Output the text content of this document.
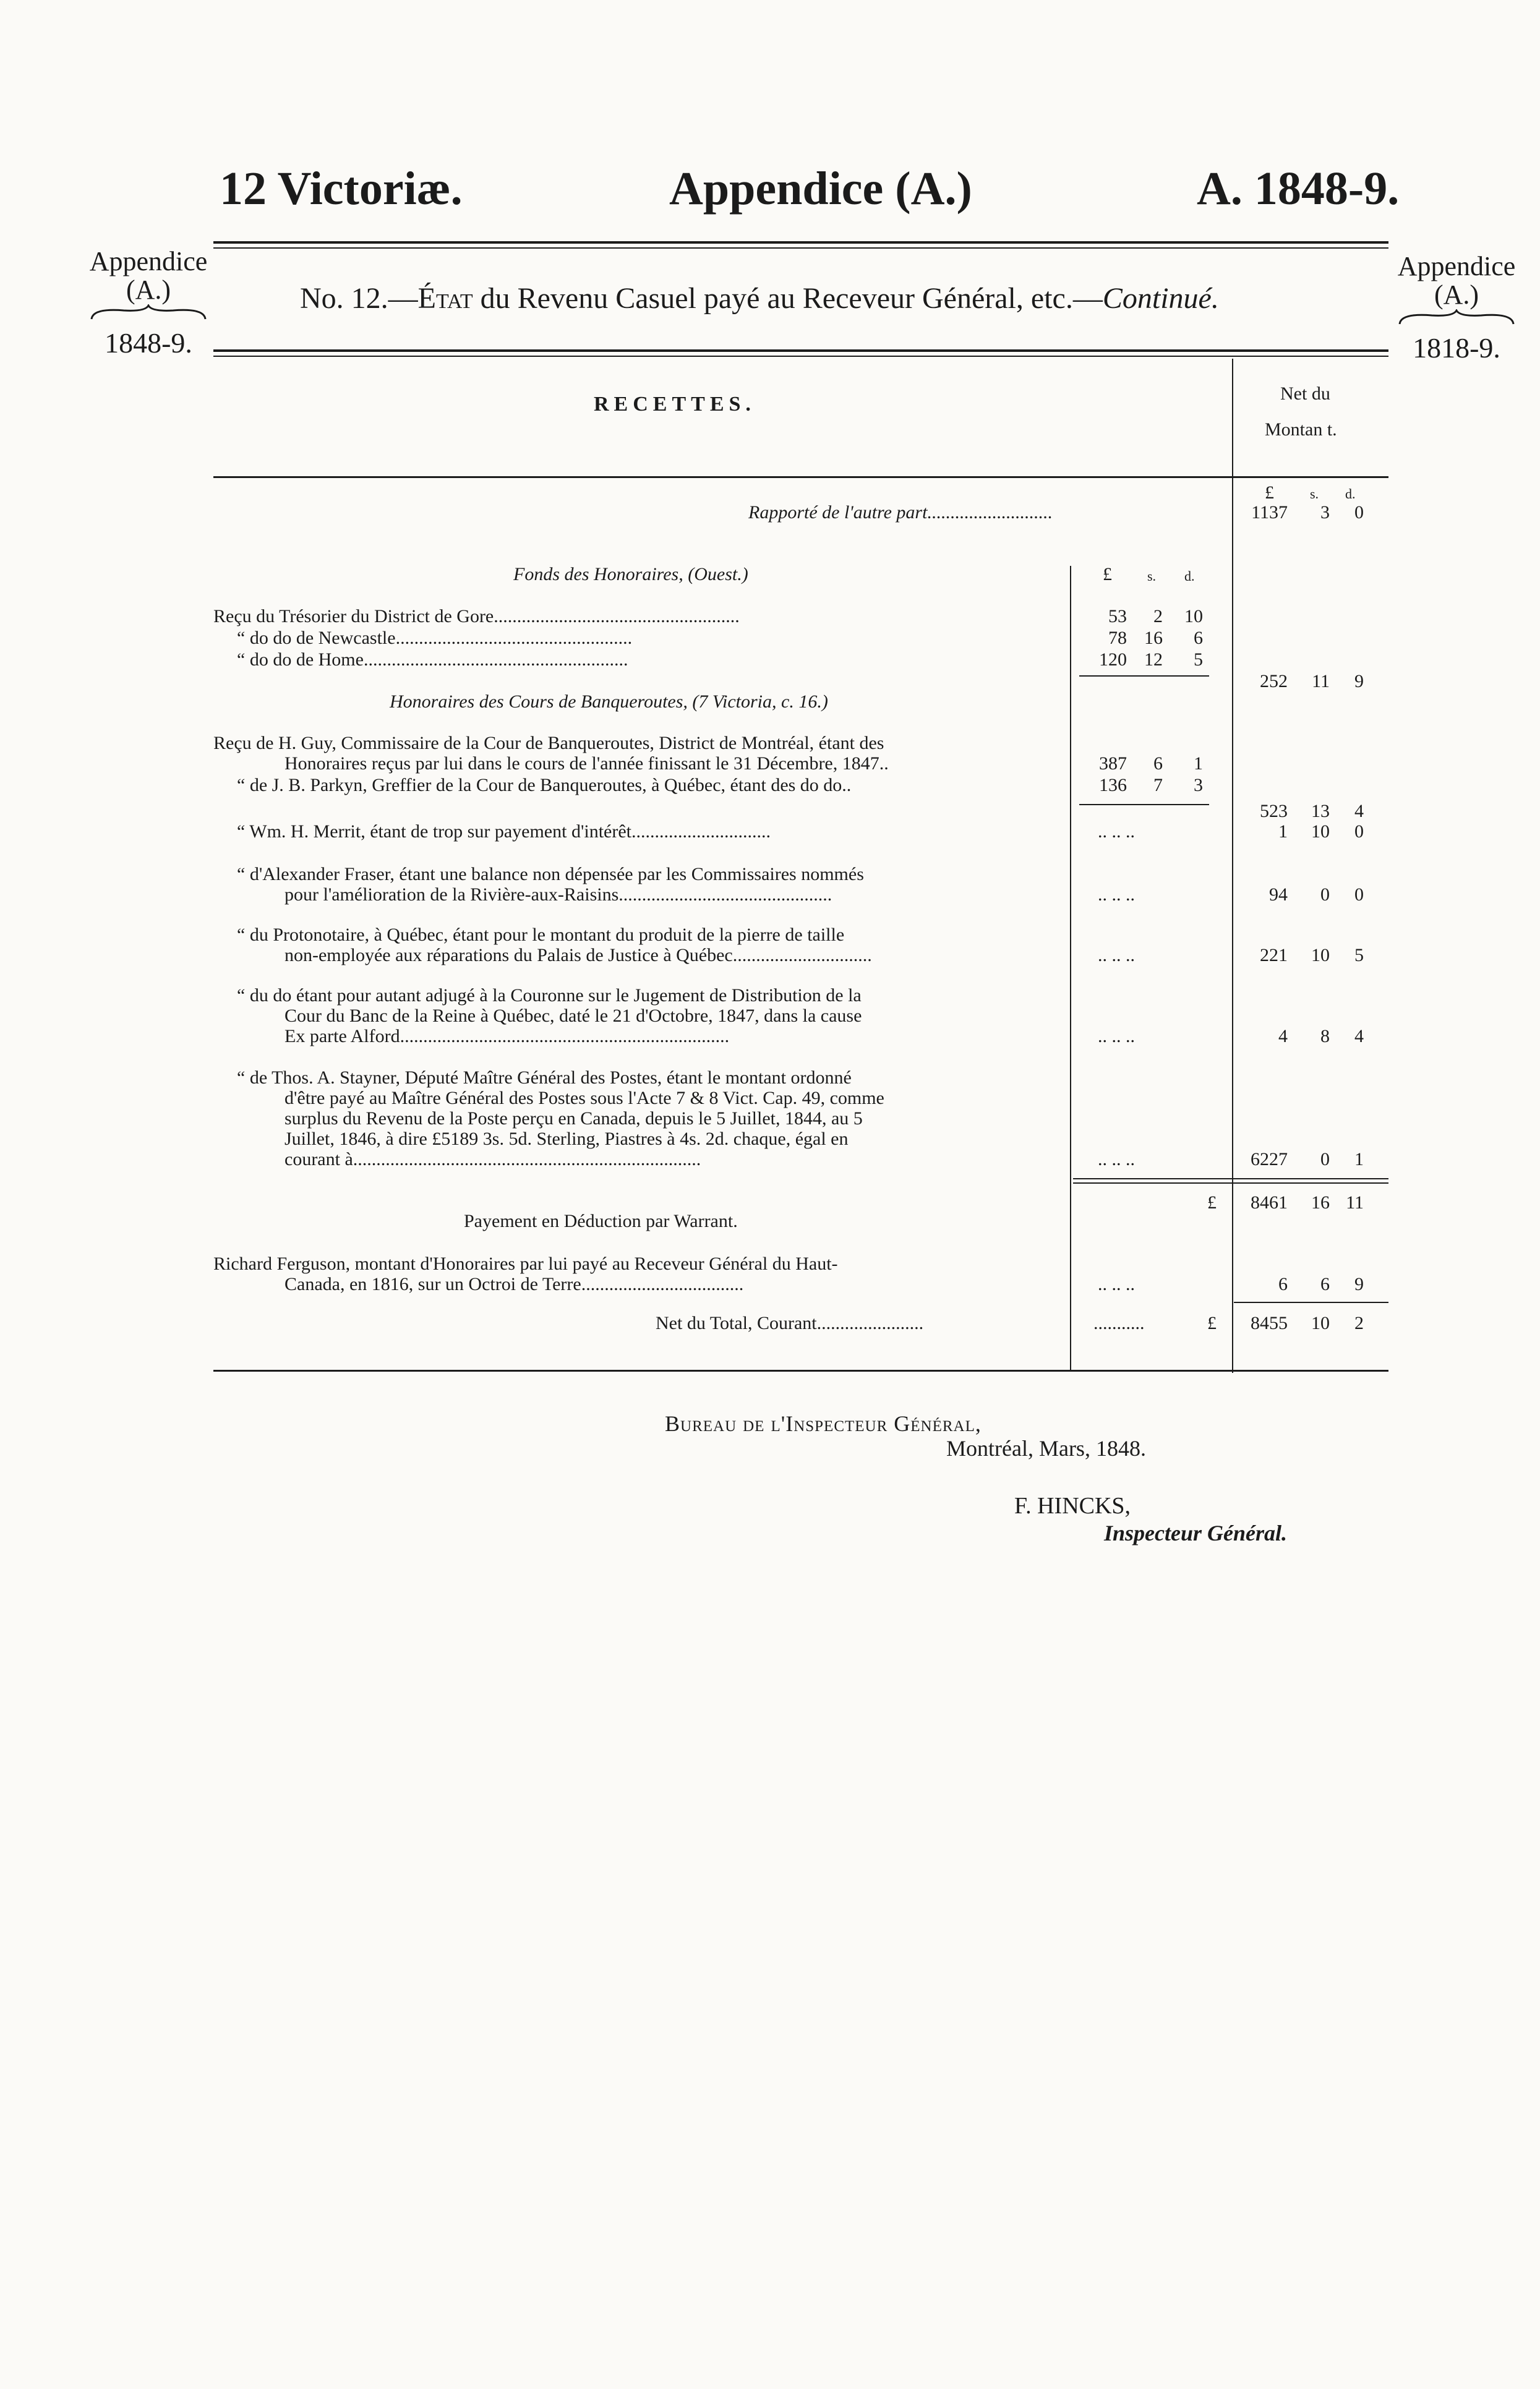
12 Victoriæ.	Appendice (A.)	A. 1848-9.
Appendice
(A.)
1848-9.
Appendice
(A.)
1818-9.
No. 12.—État du Revenu Casuel payé au Receveur Général, etc.—Continué.
RECETTES.	Net du
Montan t.
£	s. d.
Rapporté de l'autre part...........................	1137	3	0
Fonds des Honoraires, (Ouest.)	£	s. d.
Reçu du Trésorier du District de Gore.....................................................	53	2	10
“ do do de Newcastle...................................................	78 16	6
“ do do de Home.........................................................	120 12	5
252	11	9
Honoraires des Cours de Banqueroutes, (7 Victoria, c. 16.)
Reçu de H. Guy, Commissaire de la Cour de Banqueroutes, District de Montréal, étant des
Honoraires reçus par lui dans le cours de l'année finissant le 31 Décembre, 1847..	387	6	1
“ de J. B. Parkyn, Greffier de la Cour de Banqueroutes, à Québec, étant des do do..	136	7	3
523	13	4
“ Wm. H. Merrit, étant de trop sur payement d'intérêt..............................	.. .. ..	1	10	0
“ d'Alexander Fraser, étant une balance non dépensée par les Commissaires nommés
pour l'amélioration de la Rivière-aux-Raisins..............................................	.. .. ..	94	0	0
“ du Protonotaire, à Québec, étant pour le montant du produit de la pierre de taille
non-employée aux réparations du Palais de Justice à Québec..............................	.. .. ..	221	10	5
“ du do étant pour autant adjugé à la Couronne sur le Jugement de Distribution de la
Cour du Banc de la Reine à Québec, daté le 21 d'Octobre, 1847, dans la cause
Ex parte Alford.......................................................................	.. .. ..	4	8	4
“ de Thos. A. Stayner, Député Maître Général des Postes, étant le montant ordonné
d'être payé au Maître Général des Postes sous l'Acte 7 & 8 Vict. Cap. 49, comme
surplus du Revenu de la Poste perçu en Canada, depuis le 5 Juillet, 1844, au 5
Juillet, 1846, à dire £5189 3s. 5d. Sterling, Piastres à 4s. 2d. chaque, égal en
courant à...........................................................................	.. .. ..	6227	0	1
£	8461	16 11
Payement en Déduction par Warrant.
Richard Ferguson, montant d'Honoraires par lui payé au Receveur Général du Haut-
Canada, en 1816, sur un Octroi de Terre...................................	.. .. ..	6	6	9
Net du Total, Courant.......................	...........	£	8455	10	2
Bureau de l'Inspecteur Général,
Montréal, Mars, 1848.
F. HINCKS,
Inspecteur Général.
